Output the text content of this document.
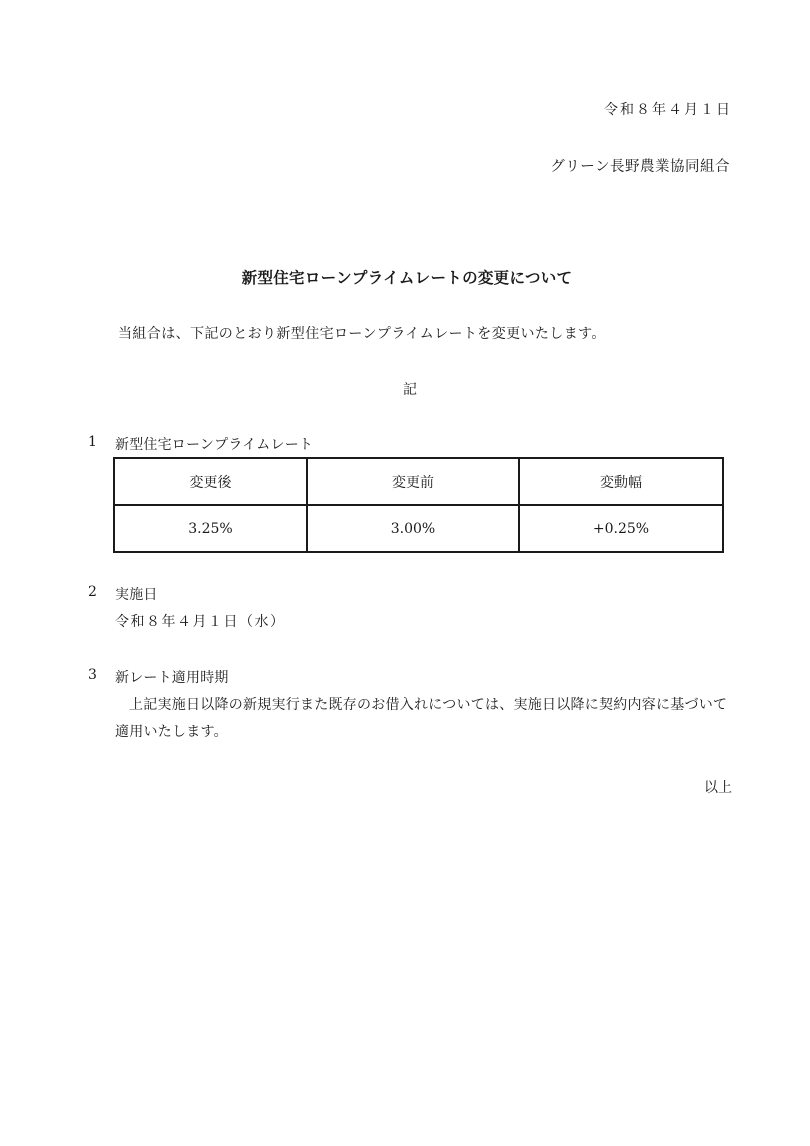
令和８年４月１日
グリーン長野農業協同組合
新型住宅ローンプライムレートの変更について
当組合は、下記のとおり新型住宅ローンプライムレートを変更いたします。
記
1 新型住宅ローンプライムレート
変更後	変更前	変動幅
3.25%	3.00%	+0.25%
2 実施日
令和８年４月１日（水）
3 新レート適用時期
上記実施日以降の新規実行また既存のお借入れについては、実施日以降に契約内容に基づいて
適用いたします。
以上
